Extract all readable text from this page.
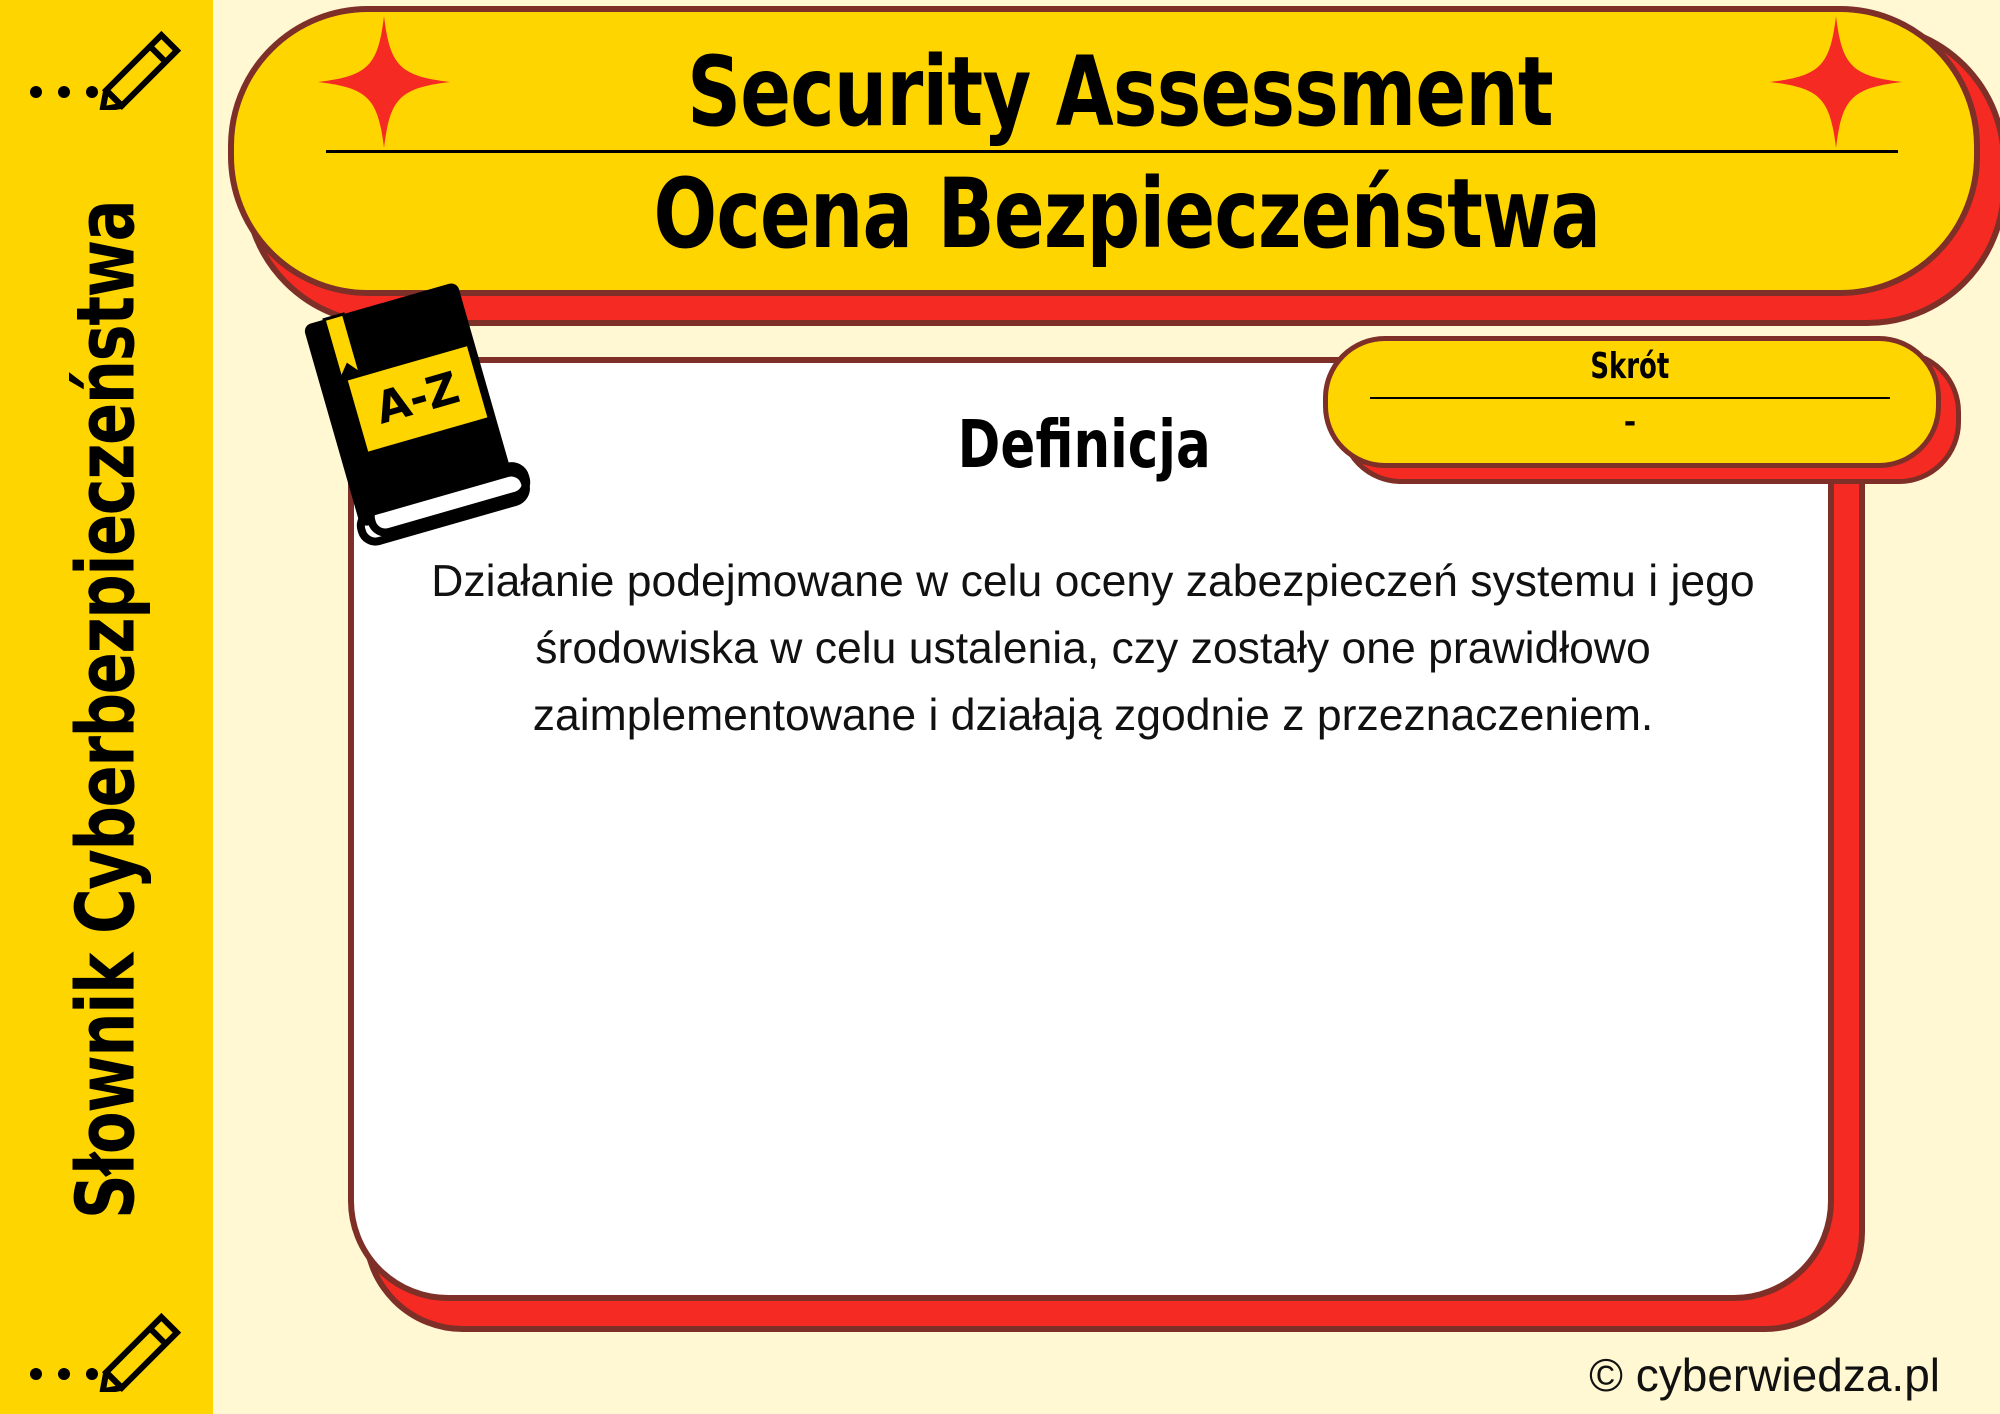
Słownik Cyberbezpieczeństwa
Security Assessment
Ocena Bezpieczeństwa
Definicja
Działanie podejmowane w celu oceny zabezpieczeń systemu i jego środowiska w celu ustalenia, czy zostały one prawidłowo zaimplementowane i działają zgodnie z przeznaczeniem.
Skrót
-
A-Z
© cyberwiedza.pl
